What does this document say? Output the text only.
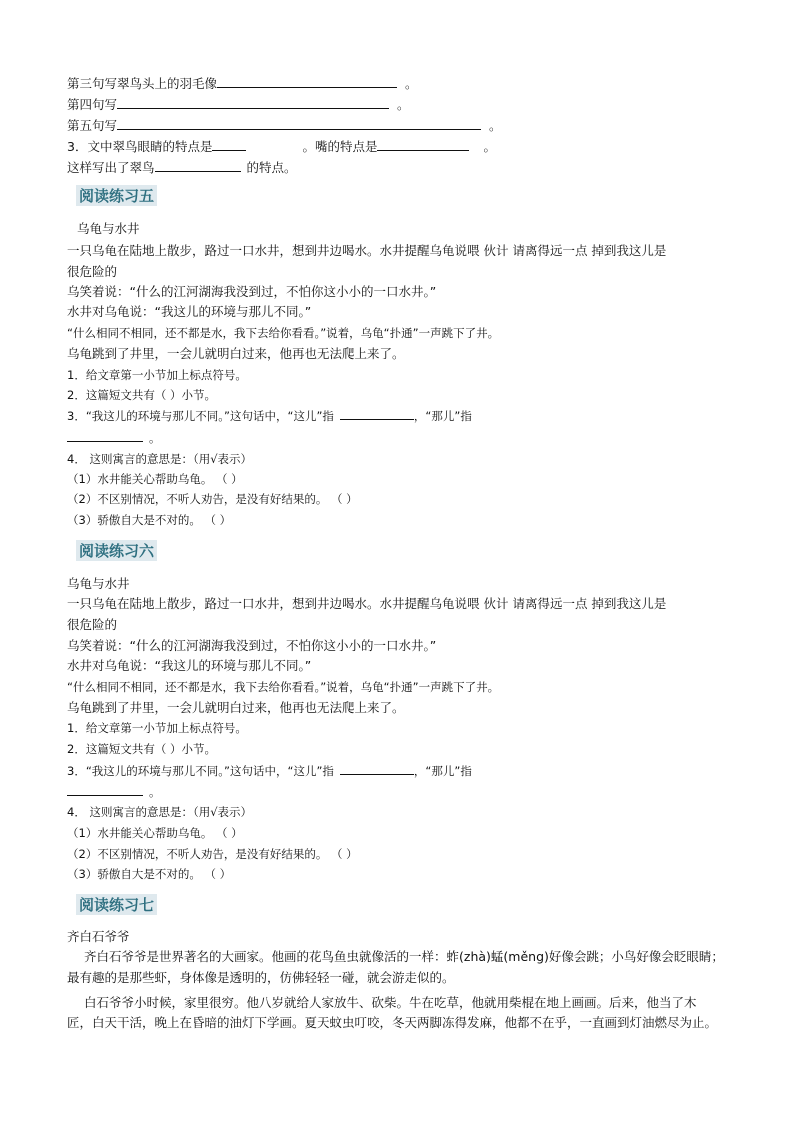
第三句写翠鸟头上的羽毛像	。
第四句写	。
第五句写	。
3．文中翠鸟眼睛的特点是	。嘴的特点是	。
这样写出了翠鸟	的特点。
阅读练习五
乌龟与水井
一只乌龟在陆地上散步，路过一口水井，想到井边喝水。水井提醒乌龟说喂 伙计 请离得远一点 掉到我这儿是
很危险的
乌笑着说：“什么的江河湖海我没到过，不怕你这小小的一口水井。”
水井对乌龟说：“我这儿的环境与那儿不同。”
“什么相同不相同，还不都是水，我下去给你看看。”说着，乌龟“扑通”一声跳下了井。
乌龟跳到了井里，一会儿就明白过来，他再也无法爬上来了。
1．给文章第一小节加上标点符号。
2．这篇短文共有（ ）小节。
3．“我这儿的环境与那儿不同。”这句话中，“这儿”指	，“那儿”指
。
4． 这则寓言的意思是：（用√表示）
（1）水井能关心帮助乌龟。 （ ）
（2）不区别情况，不听人劝告，是没有好结果的。 （ ）
（3）骄傲自大是不对的。 （ ）
阅读练习六
乌龟与水井
一只乌龟在陆地上散步，路过一口水井，想到井边喝水。水井提醒乌龟说喂 伙计 请离得远一点 掉到我这儿是
很危险的
乌笑着说：“什么的江河湖海我没到过，不怕你这小小的一口水井。”
水井对乌龟说：“我这儿的环境与那儿不同。”
“什么相同不相同，还不都是水，我下去给你看看。”说着，乌龟“扑通”一声跳下了井。
乌龟跳到了井里，一会儿就明白过来，他再也无法爬上来了。
1．给文章第一小节加上标点符号。
2．这篇短文共有（ ）小节。
3．“我这儿的环境与那儿不同。”这句话中，“这儿”指	，“那儿”指
。
4． 这则寓言的意思是：（用√表示）
（1）水井能关心帮助乌龟。 （ ）
（2）不区别情况，不听人劝告，是没有好结果的。 （ ）
（3）骄傲自大是不对的。 （ ）
阅读练习七
齐白石爷爷
齐白石爷爷是世界著名的大画家。他画的花鸟鱼虫就像活的一样：蚱(zhà)蜢(měng)好像会跳；小鸟好像会眨眼睛；
最有趣的是那些虾，身体像是透明的，仿佛轻轻一碰，就会游走似的。
白石爷爷小时候，家里很穷。他八岁就给人家放牛、砍柴。牛在吃草，他就用柴棍在地上画画。后来，他当了木
匠，白天干活，晚上在昏暗的油灯下学画。夏天蚊虫叮咬，冬天两脚冻得发麻，他都不在乎，一直画到灯油燃尽为止。
